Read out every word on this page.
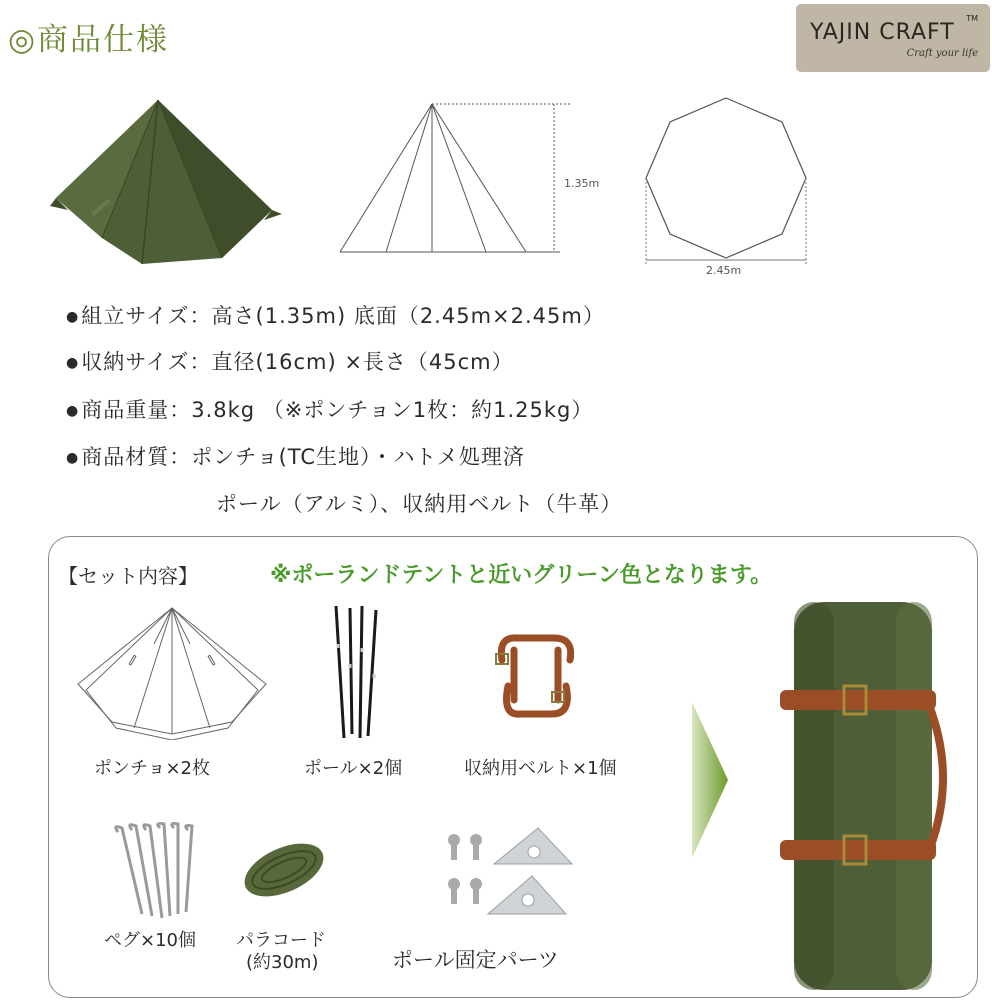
◎商品仕様	YAJIN CRAFT
TM
Craft your life
1.35m
2.45m
●組立サイズ：高さ(1.35m) 底面（2.45m×2.45m）
●収納サイズ：直径(16cm) ×長さ（45cm）
●商品重量：3.8kg （※ポンチョン1枚：約1.25kg）
●商品材質：ポンチョ(TC生地）・ハトメ処理済
ポール（アルミ）、収納用ベルト（牛革）
【セット内容】	※ポーランドテントと近いグリーン色となります。
ポンチョ×2枚	ポール×2個	収納用ベルト×1個
ペグ×10個 パラコード
(約30m)	ポール固定パーツ
